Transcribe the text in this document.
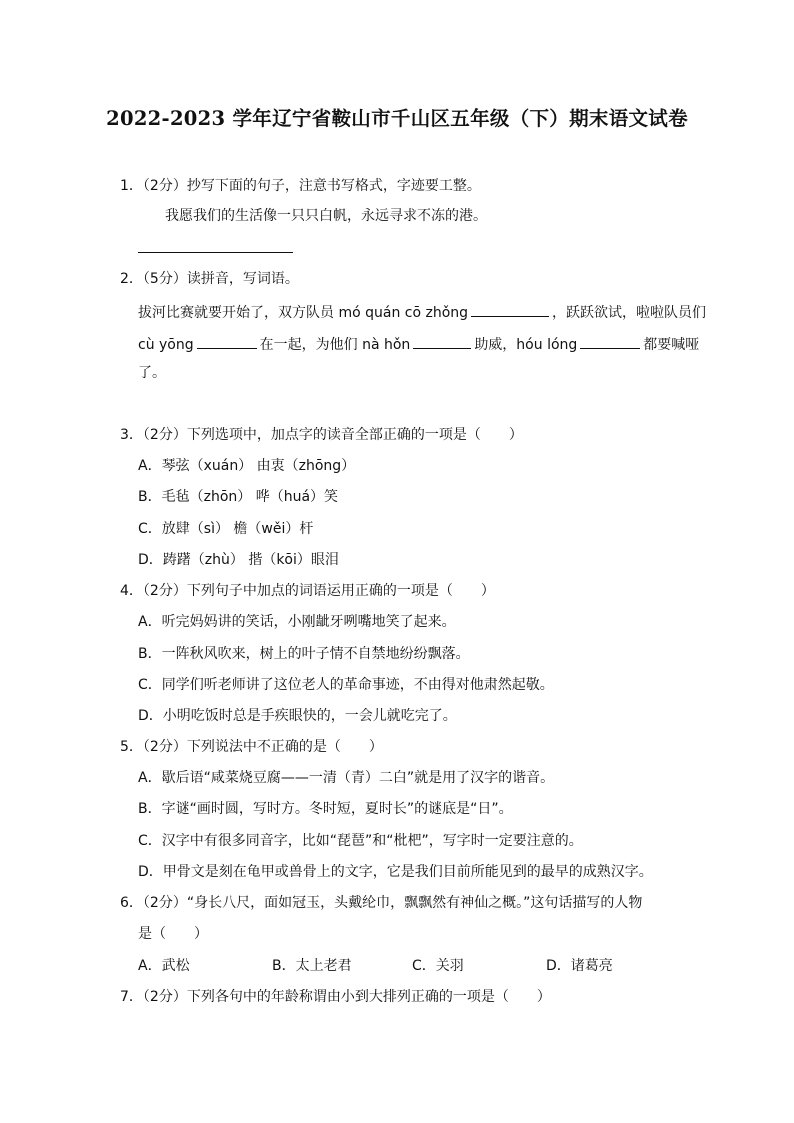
2022-2023 学年辽宁省鞍山市千山区五年级（下）期末语文试卷
1．（2分）抄写下面的句子，注意书写格式，字迹要工整。
我愿我们的生活像一只只白帆，永远寻求不冻的港。
2．（5分）读拼音，写词语。
拔河比赛就要开始了，双方队员 mó quán cō zhǒng	，跃跃欲试，啦啦队员们
cù yōng	在一起，为他们 nà hǒn	助威，hóu lóng	都要喊哑
了。
3．（2分）下列选项中，加点字的读音全部正确的一项是（　　）
A．琴弦（xuán） 由衷（zhōng）
B．毛毡（zhōn） 哗（huá）笑
C．放肆（sì） 檐（wěi）杆
D．踌躇（zhù） 揩（kōi）眼泪
4．（2分）下列句子中加点的词语运用正确的一项是（　　）
A．听完妈妈讲的笑话，小刚龇牙咧嘴地笑了起来。
B．一阵秋风吹来，树上的叶子情不自禁地纷纷飘落。
C．同学们听老师讲了这位老人的革命事迹，不由得对他肃然起敬。
D．小明吃饭时总是手疾眼快的，一会儿就吃完了。
5．（2分）下列说法中不正确的是（　　）
A．歇后语“咸菜烧豆腐——一清（青）二白”就是用了汉字的谐音。
B．字谜“画时圆，写时方。冬时短，夏时长”的谜底是“日”。
C．汉字中有很多同音字，比如“琵琶”和“枇杷”，写字时一定要注意的。
D．甲骨文是刻在龟甲或兽骨上的文字，它是我们目前所能见到的最早的成熟汉字。
6．（2分）“身长八尺，面如冠玉，头戴纶巾，飘飘然有神仙之概。”这句话描写的人物
是（　　）
A．武松	B．太上老君	C．关羽	D．诸葛亮
7．（2分）下列各句中的年龄称谓由小到大排列正确的一项是（　　）
